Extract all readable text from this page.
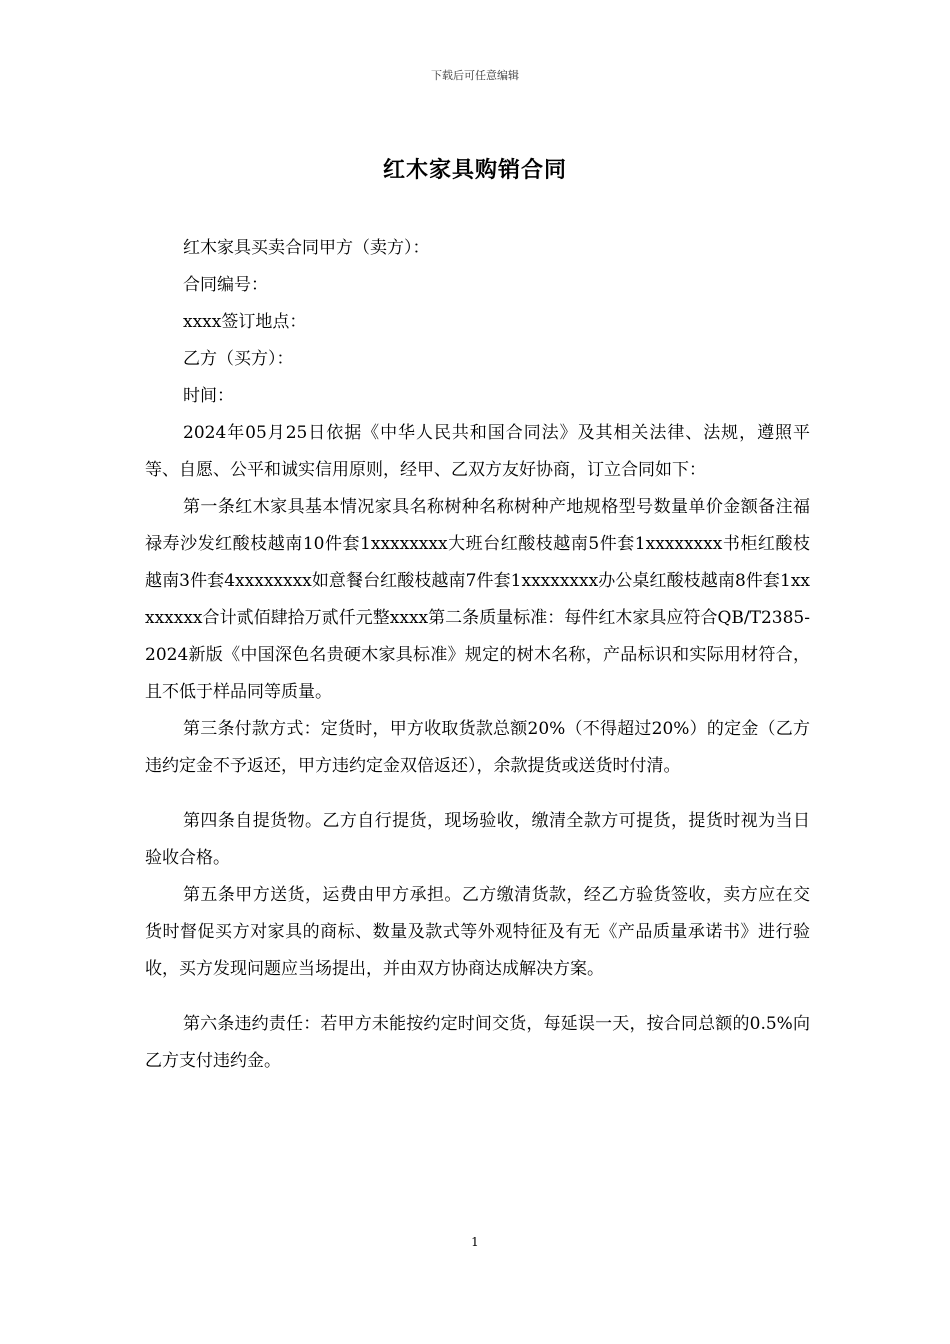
下载后可任意编辑
红木家具购销合同

红木家具买卖合同甲方（卖方）：

合同编号：

xxxx签订地点：

乙方（买方）：

时间：

2024年05月25日依据《中华人民共和国合同法》及其相关法律、法规，遵照平等、自愿、公平和诚实信用原则，经甲、乙双方友好协商，订立合同如下：

第一条红木家具基本情况家具名称树种名称树种产地规格型号数量单价金额备注福禄寿沙发红酸枝越南10件套1xxxxxxxx大班台红酸枝越南5件套1xxxxxxxx书柜红酸枝越南3件套4xxxxxxxx如意餐台红酸枝越南7件套1xxxxxxxx办公桌红酸枝越南8件套1xxxxxxxx合计贰佰肆拾万贰仟元整xxxx第二条质量标准：每件红木家具应符合QB/T2385-2024新版《中国深色名贵硬木家具标准》规定的树木名称，产品标识和实际用材符合，且不低于样品同等质量。

第三条付款方式：定货时，甲方收取货款总额20%（不得超过20%）的定金（乙方违约定金不予返还，甲方违约定金双倍返还），余款提货或送货时付清。

第四条自提货物。乙方自行提货，现场验收，缴清全款方可提货，提货时视为当日验收合格。

第五条甲方送货，运费由甲方承担。乙方缴清货款，经乙方验货签收，卖方应在交货时督促买方对家具的商标、数量及款式等外观特征及有无《产品质量承诺书》进行验收，买方发现问题应当场提出，并由双方协商达成解决方案。

第六条违约责任：若甲方未能按约定时间交货，每延误一天，按合同总额的0.5%向乙方支付违约金。

1
